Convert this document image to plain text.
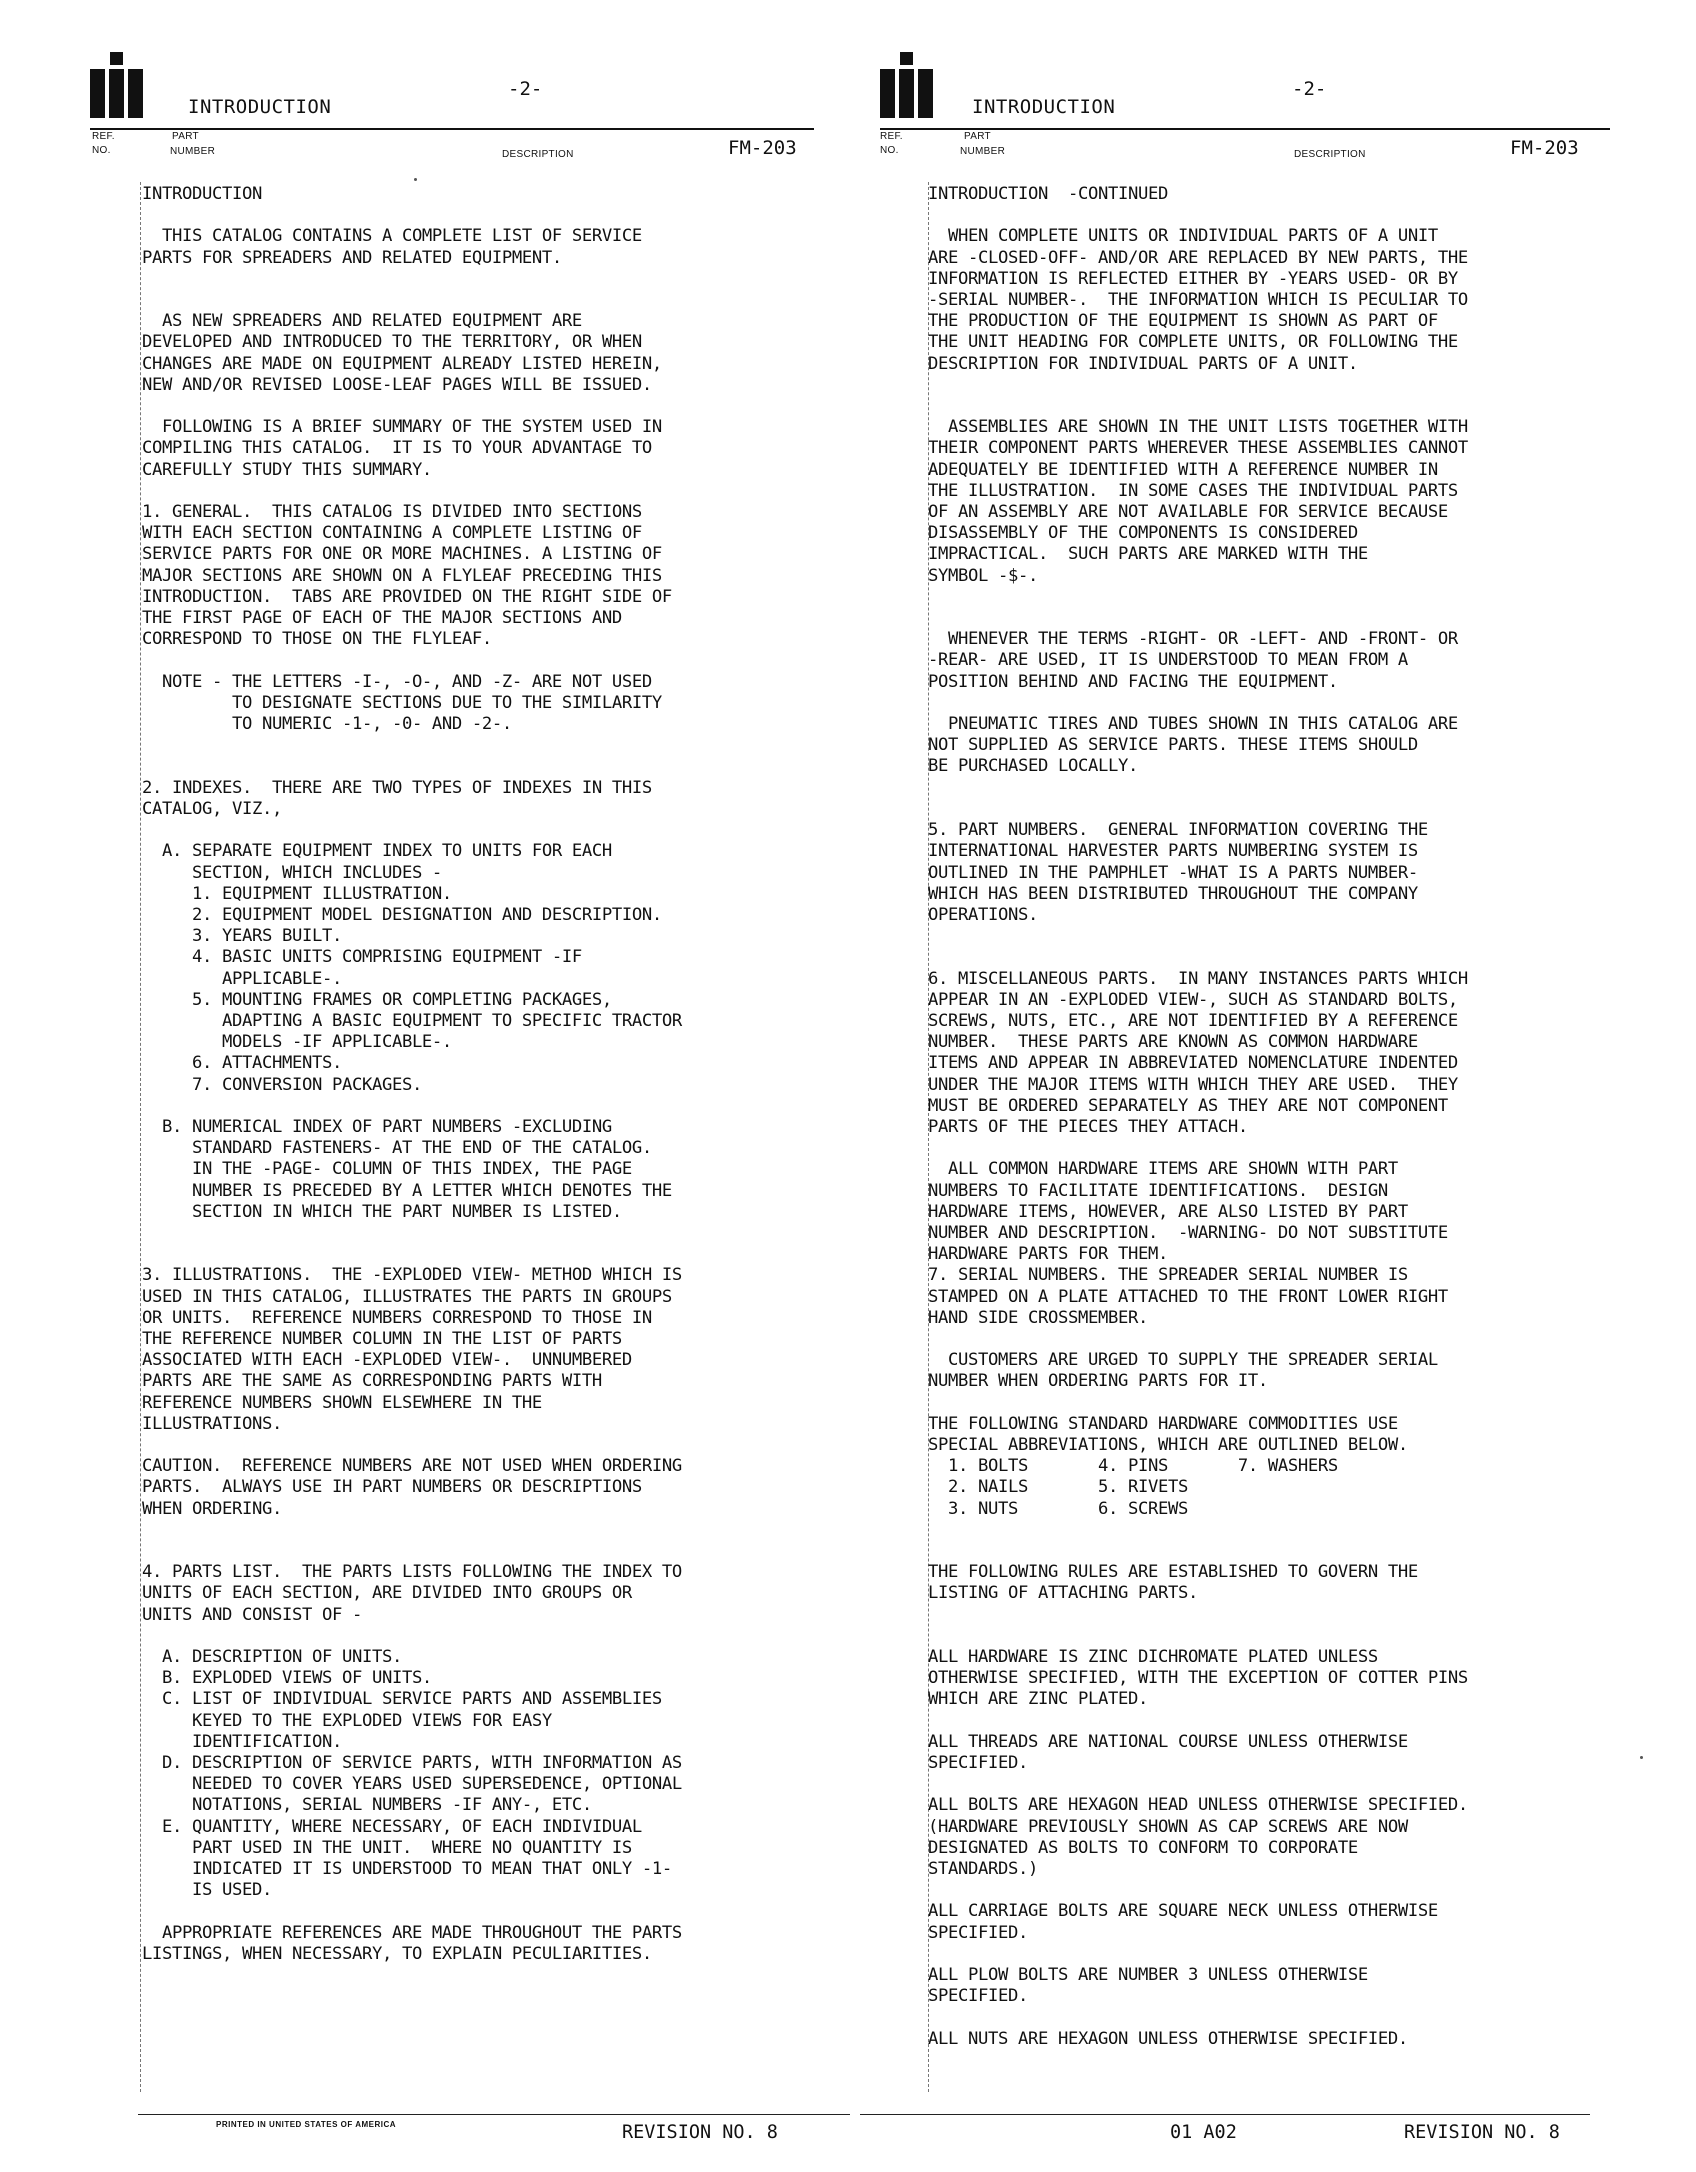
INTRODUCTION
-2-
REF.
NO.
PART
NUMBER	DESCRIPTION	FM-203
INTRODUCTION

THIS CATALOG CONTAINS A COMPLETE LIST OF SERVICE
PARTS FOR SPREADERS AND RELATED EQUIPMENT.

AS NEW SPREADERS AND RELATED EQUIPMENT ARE
DEVELOPED AND INTRODUCED TO THE TERRITORY, OR WHEN
CHANGES ARE MADE ON EQUIPMENT ALREADY LISTED HEREIN,
NEW AND/OR REVISED LOOSE-LEAF PAGES WILL BE ISSUED.

FOLLOWING IS A BRIEF SUMMARY OF THE SYSTEM USED IN
COMPILING THIS CATALOG.  IT IS TO YOUR ADVANTAGE TO
CAREFULLY STUDY THIS SUMMARY.

1. GENERAL.  THIS CATALOG IS DIVIDED INTO SECTIONS
WITH EACH SECTION CONTAINING A COMPLETE LISTING OF
SERVICE PARTS FOR ONE OR MORE MACHINES. A LISTING OF
MAJOR SECTIONS ARE SHOWN ON A FLYLEAF PRECEDING THIS
INTRODUCTION.  TABS ARE PROVIDED ON THE RIGHT SIDE OF
THE FIRST PAGE OF EACH OF THE MAJOR SECTIONS AND
CORRESPOND TO THOSE ON THE FLYLEAF.

NOTE - THE LETTERS -I-, -O-, AND -Z- ARE NOT USED
TO DESIGNATE SECTIONS DUE TO THE SIMILARITY
TO NUMERIC -1-, -0- AND -2-.

2. INDEXES.  THERE ARE TWO TYPES OF INDEXES IN THIS
CATALOG, VIZ.,

A. SEPARATE EQUIPMENT INDEX TO UNITS FOR EACH
SECTION, WHICH INCLUDES -
1. EQUIPMENT ILLUSTRATION.
2. EQUIPMENT MODEL DESIGNATION AND DESCRIPTION.
3. YEARS BUILT.
4. BASIC UNITS COMPRISING EQUIPMENT -IF
APPLICABLE-.
5. MOUNTING FRAMES OR COMPLETING PACKAGES,
ADAPTING A BASIC EQUIPMENT TO SPECIFIC TRACTOR
MODELS -IF APPLICABLE-.
6. ATTACHMENTS.
7. CONVERSION PACKAGES.

B. NUMERICAL INDEX OF PART NUMBERS -EXCLUDING
STANDARD FASTENERS- AT THE END OF THE CATALOG.
IN THE -PAGE- COLUMN OF THIS INDEX, THE PAGE
NUMBER IS PRECEDED BY A LETTER WHICH DENOTES THE
SECTION IN WHICH THE PART NUMBER IS LISTED.

3. ILLUSTRATIONS.  THE -EXPLODED VIEW- METHOD WHICH IS
USED IN THIS CATALOG, ILLUSTRATES THE PARTS IN GROUPS
OR UNITS.  REFERENCE NUMBERS CORRESPOND TO THOSE IN
THE REFERENCE NUMBER COLUMN IN THE LIST OF PARTS
ASSOCIATED WITH EACH -EXPLODED VIEW-.  UNNUMBERED
PARTS ARE THE SAME AS CORRESPONDING PARTS WITH
REFERENCE NUMBERS SHOWN ELSEWHERE IN THE
ILLUSTRATIONS.

CAUTION.  REFERENCE NUMBERS ARE NOT USED WHEN ORDERING
PARTS.  ALWAYS USE IH PART NUMBERS OR DESCRIPTIONS
WHEN ORDERING.

4. PARTS LIST.  THE PARTS LISTS FOLLOWING THE INDEX TO
UNITS OF EACH SECTION, ARE DIVIDED INTO GROUPS OR
UNITS AND CONSIST OF -

A. DESCRIPTION OF UNITS.
B. EXPLODED VIEWS OF UNITS.
C. LIST OF INDIVIDUAL SERVICE PARTS AND ASSEMBLIES
KEYED TO THE EXPLODED VIEWS FOR EASY
IDENTIFICATION.
D. DESCRIPTION OF SERVICE PARTS, WITH INFORMATION AS
NEEDED TO COVER YEARS USED SUPERSEDENCE, OPTIONAL
NOTATIONS, SERIAL NUMBERS -IF ANY-, ETC.
E. QUANTITY, WHERE NECESSARY, OF EACH INDIVIDUAL
PART USED IN THE UNIT.  WHERE NO QUANTITY IS
INDICATED IT IS UNDERSTOOD TO MEAN THAT ONLY -1-
IS USED.

APPROPRIATE REFERENCES ARE MADE THROUGHOUT THE PARTS
LISTINGS, WHEN NECESSARY, TO EXPLAIN PECULIARITIES.
PRINTED IN UNITED STATES OF AMERICA	REVISION NO. 8
INTRODUCTION
-2-
REF.
NO.
PART
NUMBER	DESCRIPTION	FM-203
INTRODUCTION  -CONTINUED

WHEN COMPLETE UNITS OR INDIVIDUAL PARTS OF A UNIT
ARE -CLOSED-OFF- AND/OR ARE REPLACED BY NEW PARTS, THE
INFORMATION IS REFLECTED EITHER BY -YEARS USED- OR BY
-SERIAL NUMBER-.  THE INFORMATION WHICH IS PECULIAR TO
THE PRODUCTION OF THE EQUIPMENT IS SHOWN AS PART OF
THE UNIT HEADING FOR COMPLETE UNITS, OR FOLLOWING THE
DESCRIPTION FOR INDIVIDUAL PARTS OF A UNIT.

ASSEMBLIES ARE SHOWN IN THE UNIT LISTS TOGETHER WITH
THEIR COMPONENT PARTS WHEREVER THESE ASSEMBLIES CANNOT
ADEQUATELY BE IDENTIFIED WITH A REFERENCE NUMBER IN
THE ILLUSTRATION.  IN SOME CASES THE INDIVIDUAL PARTS
OF AN ASSEMBLY ARE NOT AVAILABLE FOR SERVICE BECAUSE
DISASSEMBLY OF THE COMPONENTS IS CONSIDERED
IMPRACTICAL.  SUCH PARTS ARE MARKED WITH THE
SYMBOL -$-.

WHENEVER THE TERMS -RIGHT- OR -LEFT- AND -FRONT- OR
-REAR- ARE USED, IT IS UNDERSTOOD TO MEAN FROM A
POSITION BEHIND AND FACING THE EQUIPMENT.

PNEUMATIC TIRES AND TUBES SHOWN IN THIS CATALOG ARE
NOT SUPPLIED AS SERVICE PARTS. THESE ITEMS SHOULD
BE PURCHASED LOCALLY.

5. PART NUMBERS.  GENERAL INFORMATION COVERING THE
INTERNATIONAL HARVESTER PARTS NUMBERING SYSTEM IS
OUTLINED IN THE PAMPHLET -WHAT IS A PARTS NUMBER-
WHICH HAS BEEN DISTRIBUTED THROUGHOUT THE COMPANY
OPERATIONS.

6. MISCELLANEOUS PARTS.  IN MANY INSTANCES PARTS WHICH
APPEAR IN AN -EXPLODED VIEW-, SUCH AS STANDARD BOLTS,
SCREWS, NUTS, ETC., ARE NOT IDENTIFIED BY A REFERENCE
NUMBER.  THESE PARTS ARE KNOWN AS COMMON HARDWARE
ITEMS AND APPEAR IN ABBREVIATED NOMENCLATURE INDENTED
UNDER THE MAJOR ITEMS WITH WHICH THEY ARE USED.  THEY
MUST BE ORDERED SEPARATELY AS THEY ARE NOT COMPONENT
PARTS OF THE PIECES THEY ATTACH.

ALL COMMON HARDWARE ITEMS ARE SHOWN WITH PART
NUMBERS TO FACILITATE IDENTIFICATIONS.  DESIGN
HARDWARE ITEMS, HOWEVER, ARE ALSO LISTED BY PART
NUMBER AND DESCRIPTION.  -WARNING- DO NOT SUBSTITUTE
HARDWARE PARTS FOR THEM.
7. SERIAL NUMBERS. THE SPREADER SERIAL NUMBER IS
STAMPED ON A PLATE ATTACHED TO THE FRONT LOWER RIGHT
HAND SIDE CROSSMEMBER.

CUSTOMERS ARE URGED TO SUPPLY THE SPREADER SERIAL
NUMBER WHEN ORDERING PARTS FOR IT.

THE FOLLOWING STANDARD HARDWARE COMMODITIES USE
SPECIAL ABBREVIATIONS, WHICH ARE OUTLINED BELOW.
1. BOLTS       4. PINS       7. WASHERS
2. NAILS       5. RIVETS
3. NUTS        6. SCREWS

THE FOLLOWING RULES ARE ESTABLISHED TO GOVERN THE
LISTING OF ATTACHING PARTS.

ALL HARDWARE IS ZINC DICHROMATE PLATED UNLESS
OTHERWISE SPECIFIED, WITH THE EXCEPTION OF COTTER PINS
WHICH ARE ZINC PLATED.

ALL THREADS ARE NATIONAL COURSE UNLESS OTHERWISE
SPECIFIED.

ALL BOLTS ARE HEXAGON HEAD UNLESS OTHERWISE SPECIFIED.
(HARDWARE PREVIOUSLY SHOWN AS CAP SCREWS ARE NOW
DESIGNATED AS BOLTS TO CONFORM TO CORPORATE
STANDARDS.)

ALL CARRIAGE BOLTS ARE SQUARE NECK UNLESS OTHERWISE
SPECIFIED.

ALL PLOW BOLTS ARE NUMBER 3 UNLESS OTHERWISE
SPECIFIED.

ALL NUTS ARE HEXAGON UNLESS OTHERWISE SPECIFIED.
01 A02	REVISION NO. 8
